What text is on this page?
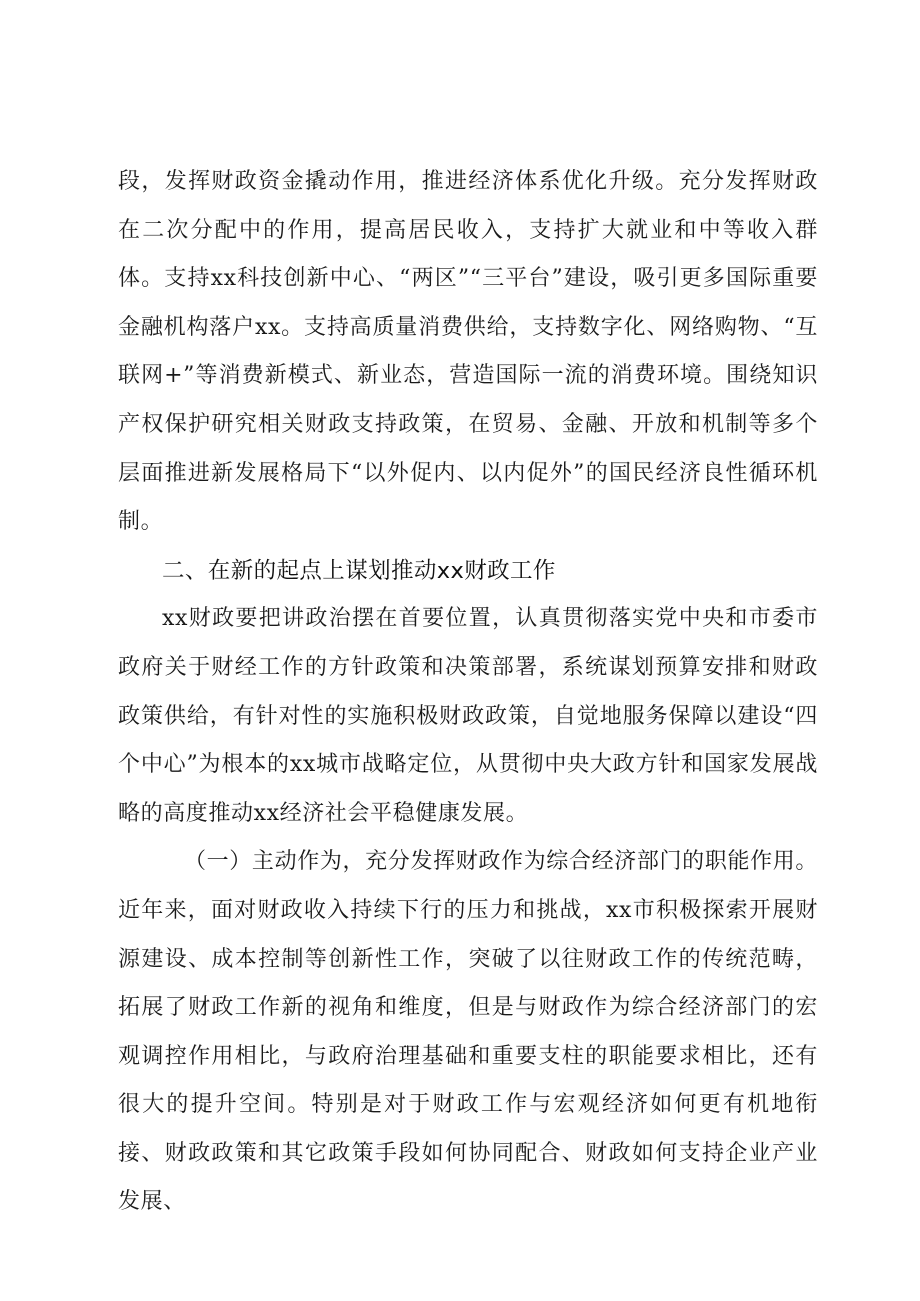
段，发挥财政资金撬动作用，推进经济体系优化升级。充分发挥财政在二次分配中的作用，提高居民收入，支持扩大就业和中等收入群体。支持xx科技创新中心、“两区”“三平台”建设，吸引更多国际重要金融机构落户xx。支持高质量消费供给，支持数字化、网络购物、“互联网+”等消费新模式、新业态，营造国际一流的消费环境。围绕知识产权保护研究相关财政支持政策，在贸易、金融、开放和机制等多个层面推进新发展格局下“以外促内、以内促外”的国民经济良性循环机制。

二、在新的起点上谋划推动xx财政工作

xx财政要把讲政治摆在首要位置，认真贯彻落实党中央和市委市政府关于财经工作的方针政策和决策部署，系统谋划预算安排和财政政策供给，有针对性的实施积极财政政策，自觉地服务保障以建设“四个中心”为根本的xx城市战略定位，从贯彻中央大政方针和国家发展战略的高度推动xx经济社会平稳健康发展。

（一）主动作为，充分发挥财政作为综合经济部门的职能作用。近年来，面对财政收入持续下行的压力和挑战，xx市积极探索开展财源建设、成本控制等创新性工作，突破了以往财政工作的传统范畴，拓展了财政工作新的视角和维度，但是与财政作为综合经济部门的宏观调控作用相比，与政府治理基础和重要支柱的职能要求相比，还有很大的提升空间。特别是对于财政工作与宏观经济如何更有机地衔接、财政政策和其它政策手段如何协同配合、财政如何支持企业产业发展、
